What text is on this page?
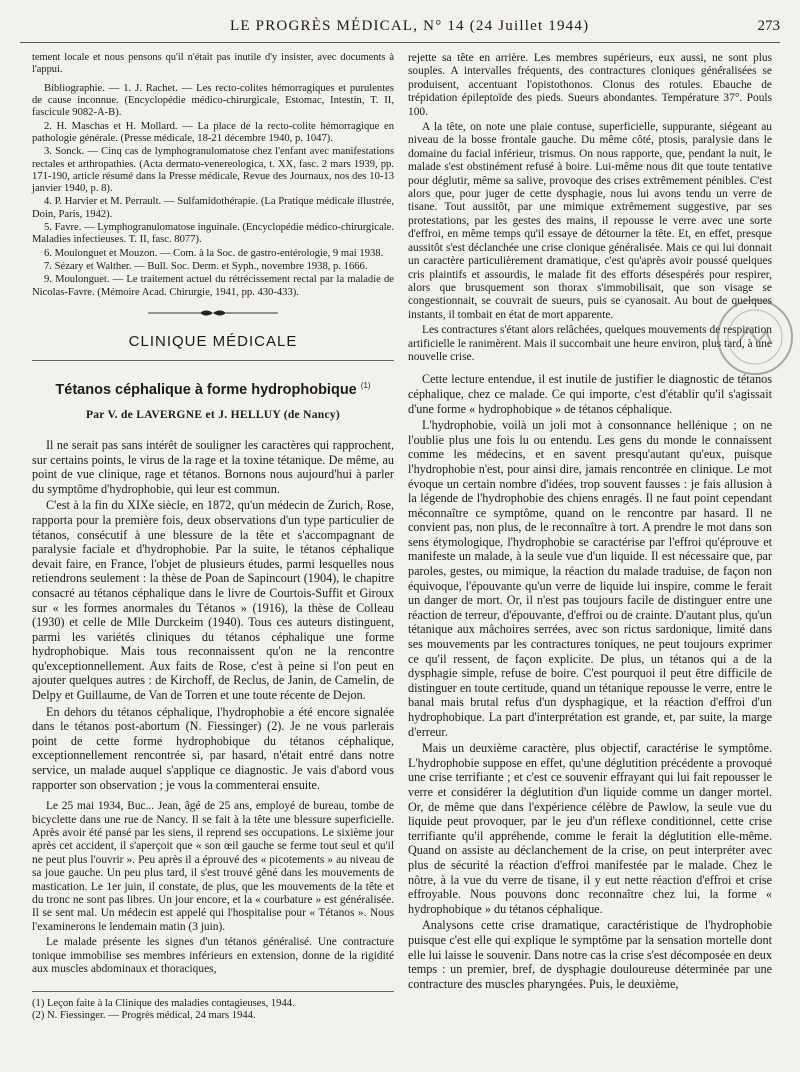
LE PROGRÈS MÉDICAL, N° 14 (24 Juillet 1944)	273

tement locale et nous pensons qu'il n'était pas inutile d'y insister, avec documents à l'appui.

Bibliographie. — 1. J. Rachet. — Les recto-colites hémorragiques et purulentes de cause inconnue. (Encyclopédie médico-chirurgicale, Estomac, Intestin, T. II, fascicule 9082-A-B).

2. H. Maschas et H. Mollard. — La place de la recto-colite hémorragique en pathologie générale. (Presse médicale, 18-21 décembre 1940, p. 1047).

3. Sonck. — Cinq cas de lymphogranulomatose chez l'enfant avec manifestations rectales et arthropathies. (Acta dermato-venereologica, t. XX, fasc. 2 mars 1939, pp. 171-190, article résumé dans la Presse médicale, Revue des Journaux, nos des 10-13 janvier 1940, p. 8).

4. P. Harvier et M. Perrault. — Sulfamidothérapie. (La Pratique médicale illustrée, Doin, Paris, 1942).

5. Favre. — Lymphogranulomatose inguinale. (Encyclopédie médico-chirurgicale. Maladies infectieuses. T. II, fasc. 8077).

6. Moulonguet et Mouzon. — Com. à la Soc. de gastro-entérologie, 9 mai 1938.

7. Sézary et Walther. — Bull. Soc. Derm. et Syph., novembre 1938, p. 1666.

9. Moulonguet. — Le traitement actuel du rétrécissement rectal par la maladie de Nicolas-Favre. (Mémoire Acad. Chirurgie, 1941, pp. 430-433).

CLINIQUE MÉDICALE
Tétanos céphalique à forme hydrophobique $^{(1)}$
Par V. de LAVERGNE et J. HELLUY (de Nancy)

Il ne serait pas sans intérêt de souligner les caractères qui rapprochent, sur certains points, le virus de la rage et la toxine tétanique. De même, au point de vue clinique, rage et tétanos. Bornons nous aujourd'hui à parler du symptôme d'hydrophobie, qui leur est commun.

C'est à la fin du XIXe siècle, en 1872, qu'un médecin de Zurich, Rose, rapporta pour la première fois, deux observations d'un type particulier de tétanos, consécutif à une blessure de la tête et s'accompagnant de paralysie faciale et d'hydrophobie. Par la suite, le tétanos céphalique devait faire, en France, l'objet de plusieurs études, parmi lesquelles nous retiendrons seulement : la thèse de Poan de Sapincourt (1904), le chapitre consacré au tétanos céphalique dans le livre de Courtois-Suffit et Giroux sur « les formes anormales du Tétanos » (1916), la thèse de Colleau (1930) et celle de Mlle Durckeim (1940). Tous ces auteurs distinguent, parmi les variétés cliniques du tétanos céphalique une forme hydrophobique. Mais tous reconnaissent qu'on ne la rencontre qu'exceptionnellement. Aux faits de Rose, c'est à peine si l'on peut en ajouter quelques autres : de Kirchoff, de Reclus, de Janin, de Camelin, de Delpy et Guillaume, de Van de Torren et une toute récente de Dejon.

En dehors du tétanos céphalique, l'hydrophobie a été encore signalée dans le tétanos post-abortum (N. Fiessinger) (2). Je ne vous parlerais point de cette forme hydrophobique du tétanos céphalique, exceptionnellement rencontrée si, par hasard, n'était entré dans notre service, un malade auquel s'applique ce diagnostic. Je vais d'abord vous rapporter son observation ; je vous la commenterai ensuite.

Le 25 mai 1934, Buc... Jean, âgé de 25 ans, employé de bureau, tombe de bicyclette dans une rue de Nancy. Il se fait à la tête une blessure superficielle. Après avoir été pansé par les siens, il reprend ses occupations. Le sixième jour après cet accident, il s'aperçoit que « son œil gauche se ferme tout seul et qu'il ne peut plus l'ouvrir ». Peu après il a éprouvé des « picotements » au niveau de sa joue gauche. Un peu plus tard, il s'est trouvé gêné dans les mouvements de mastication. Le 1er juin, il constate, de plus, que les mouvements de la tête et du tronc ne sont pas libres. Un jour encore, et la « courbature » est généralisée. Il se sent mal. Un médecin est appelé qui l'hospitalise pour « Tétanos ». Nous l'examinerons le lendemain matin (3 juin).

Le malade présente les signes d'un tétanos généralisé. Une contracture tonique immobilise ses membres inférieurs en extension, donne de la rigidité aux muscles abdominaux et thoraciques,

(1) Leçon faite à la Clinique des maladies contagieuses, 1944.

(2) N. Fiessinger. — Progrès médical, 24 mars 1944.

rejette sa tête en arrière. Les membres supérieurs, eux aussi, ne sont plus souples. A intervalles fréquents, des contractures cloniques généralisées se produisent, accentuant l'opistothonos. Clonus des rotules. Ebauche de trépidation épileptoïde des pieds. Sueurs abondantes. Température 37°. Pouls 100.

A la tête, on note une plaie contuse, superficielle, suppurante, siégeant au niveau de la bosse frontale gauche. Du même côté, ptosis, paralysie dans le domaine du facial inférieur, trismus. On nous rapporte, que, pendant la nuit, le malade s'est obstinément refusé à boire. Lui-même nous dit que toute tentative pour déglutir, même sa salive, provoque des crises extrêmement pénibles. C'est alors que, pour juger de cette dysphagie, nous lui avons tendu un verre de tisane. Tout aussitôt, par une mimique extrêmement suggestive, par ses protestations, par les gestes des mains, il repousse le verre avec une sorte d'effroi, en même temps qu'il essaye de détourner la tête. Et, en effet, presque aussitôt s'est déclanchée une crise clonique généralisée. Mais ce qui lui donnait un caractère particulièrement dramatique, c'est qu'après avoir poussé quelques cris plaintifs et assourdis, le malade fit des efforts désespérés pour respirer, alors que brusquement son thorax s'immobilisait, que son visage se congestionnait, se couvrait de sueurs, puis se cyanosait. Au bout de quelques instants, il tombait en état de mort apparente.

Les contractures s'étant alors relâchées, quelques mouvements de respiration artificielle le ranimèrent. Mais il succombait une heure environ, plus tard, à une nouvelle crise.

Cette lecture entendue, il est inutile de justifier le diagnostic de tétanos céphalique, chez ce malade. Ce qui importe, c'est d'établir qu'il s'agissait d'une forme « hydrophobique » de tétanos céphalique.

L'hydrophobie, voilà un joli mot à consonnance hellénique ; on ne l'oublie plus une fois lu ou entendu. Les gens du monde le connaissent comme les médecins, et en savent presqu'autant qu'eux, puisque l'hydrophobie n'est, pour ainsi dire, jamais rencontrée en clinique. Le mot évoque un certain nombre d'idées, trop souvent fausses : je fais allusion à la légende de l'hydrophobie des chiens enragés. Il ne faut point cependant méconnaître ce symptôme, quand on le rencontre par hasard. Il ne convient pas, non plus, de le reconnaître à tort. A prendre le mot dans son sens étymologique, l'hydrophobie se caractérise par l'effroi qu'éprouve et manifeste un malade, à la seule vue d'un liquide. Il est nécessaire que, par paroles, gestes, ou mimique, la réaction du malade traduise, de façon non équivoque, l'épouvante qu'un verre de liquide lui inspire, comme le ferait un danger de mort. Or, il n'est pas toujours facile de distinguer entre une réaction de terreur, d'épouvante, d'effroi ou de crainte. D'autant plus, qu'un tétanique aux mâchoires serrées, avec son rictus sardonique, limité dans ses mouvements par les contractures toniques, ne peut toujours exprimer ce qu'il ressent, de façon explicite. De plus, un tétanos qui a de la dysphagie simple, refuse de boire. C'est pourquoi il peut être difficile de distinguer en toute certitude, quand un tétanique repousse le verre, entre le banal mais brutal refus d'un dysphagique, et la réaction d'effroi d'un hydrophobique. La part d'interprétation est grande, et, par suite, la marge d'erreur.

Mais un deuxième caractère, plus objectif, caractérise le symptôme. L'hydrophobie suppose en effet, qu'une déglutition précédente a provoqué une crise terrifiante ; et c'est ce souvenir effrayant qui lui fait repousser le verre et considérer la déglutition d'un liquide comme un danger mortel. Or, de même que dans l'expérience célèbre de Pawlow, la seule vue du liquide peut provoquer, par le jeu d'un réflexe conditionnel, cette crise terrifiante qu'il appréhende, comme le ferait la déglutition elle-même. Quand on assiste au déclanchement de la crise, on peut interpréter avec plus de sécurité la réaction d'effroi manifestée par le malade. Chez le nôtre, à la vue du verre de tisane, il y eut nette réaction d'effroi et crise effroyable. Nous pouvons donc reconnaître chez lui, la forme « hydrophobique » du tétanos céphalique.

Analysons cette crise dramatique, caractéristique de l'hydrophobie puisque c'est elle qui explique le symptôme par la sensation mortelle dont elle lui laisse le souvenir. Dans notre cas la crise s'est décomposée en deux temps : un premier, bref, de dysphagie douloureuse déterminée par une contracture des muscles pharyngées. Puis, le deuxième,
